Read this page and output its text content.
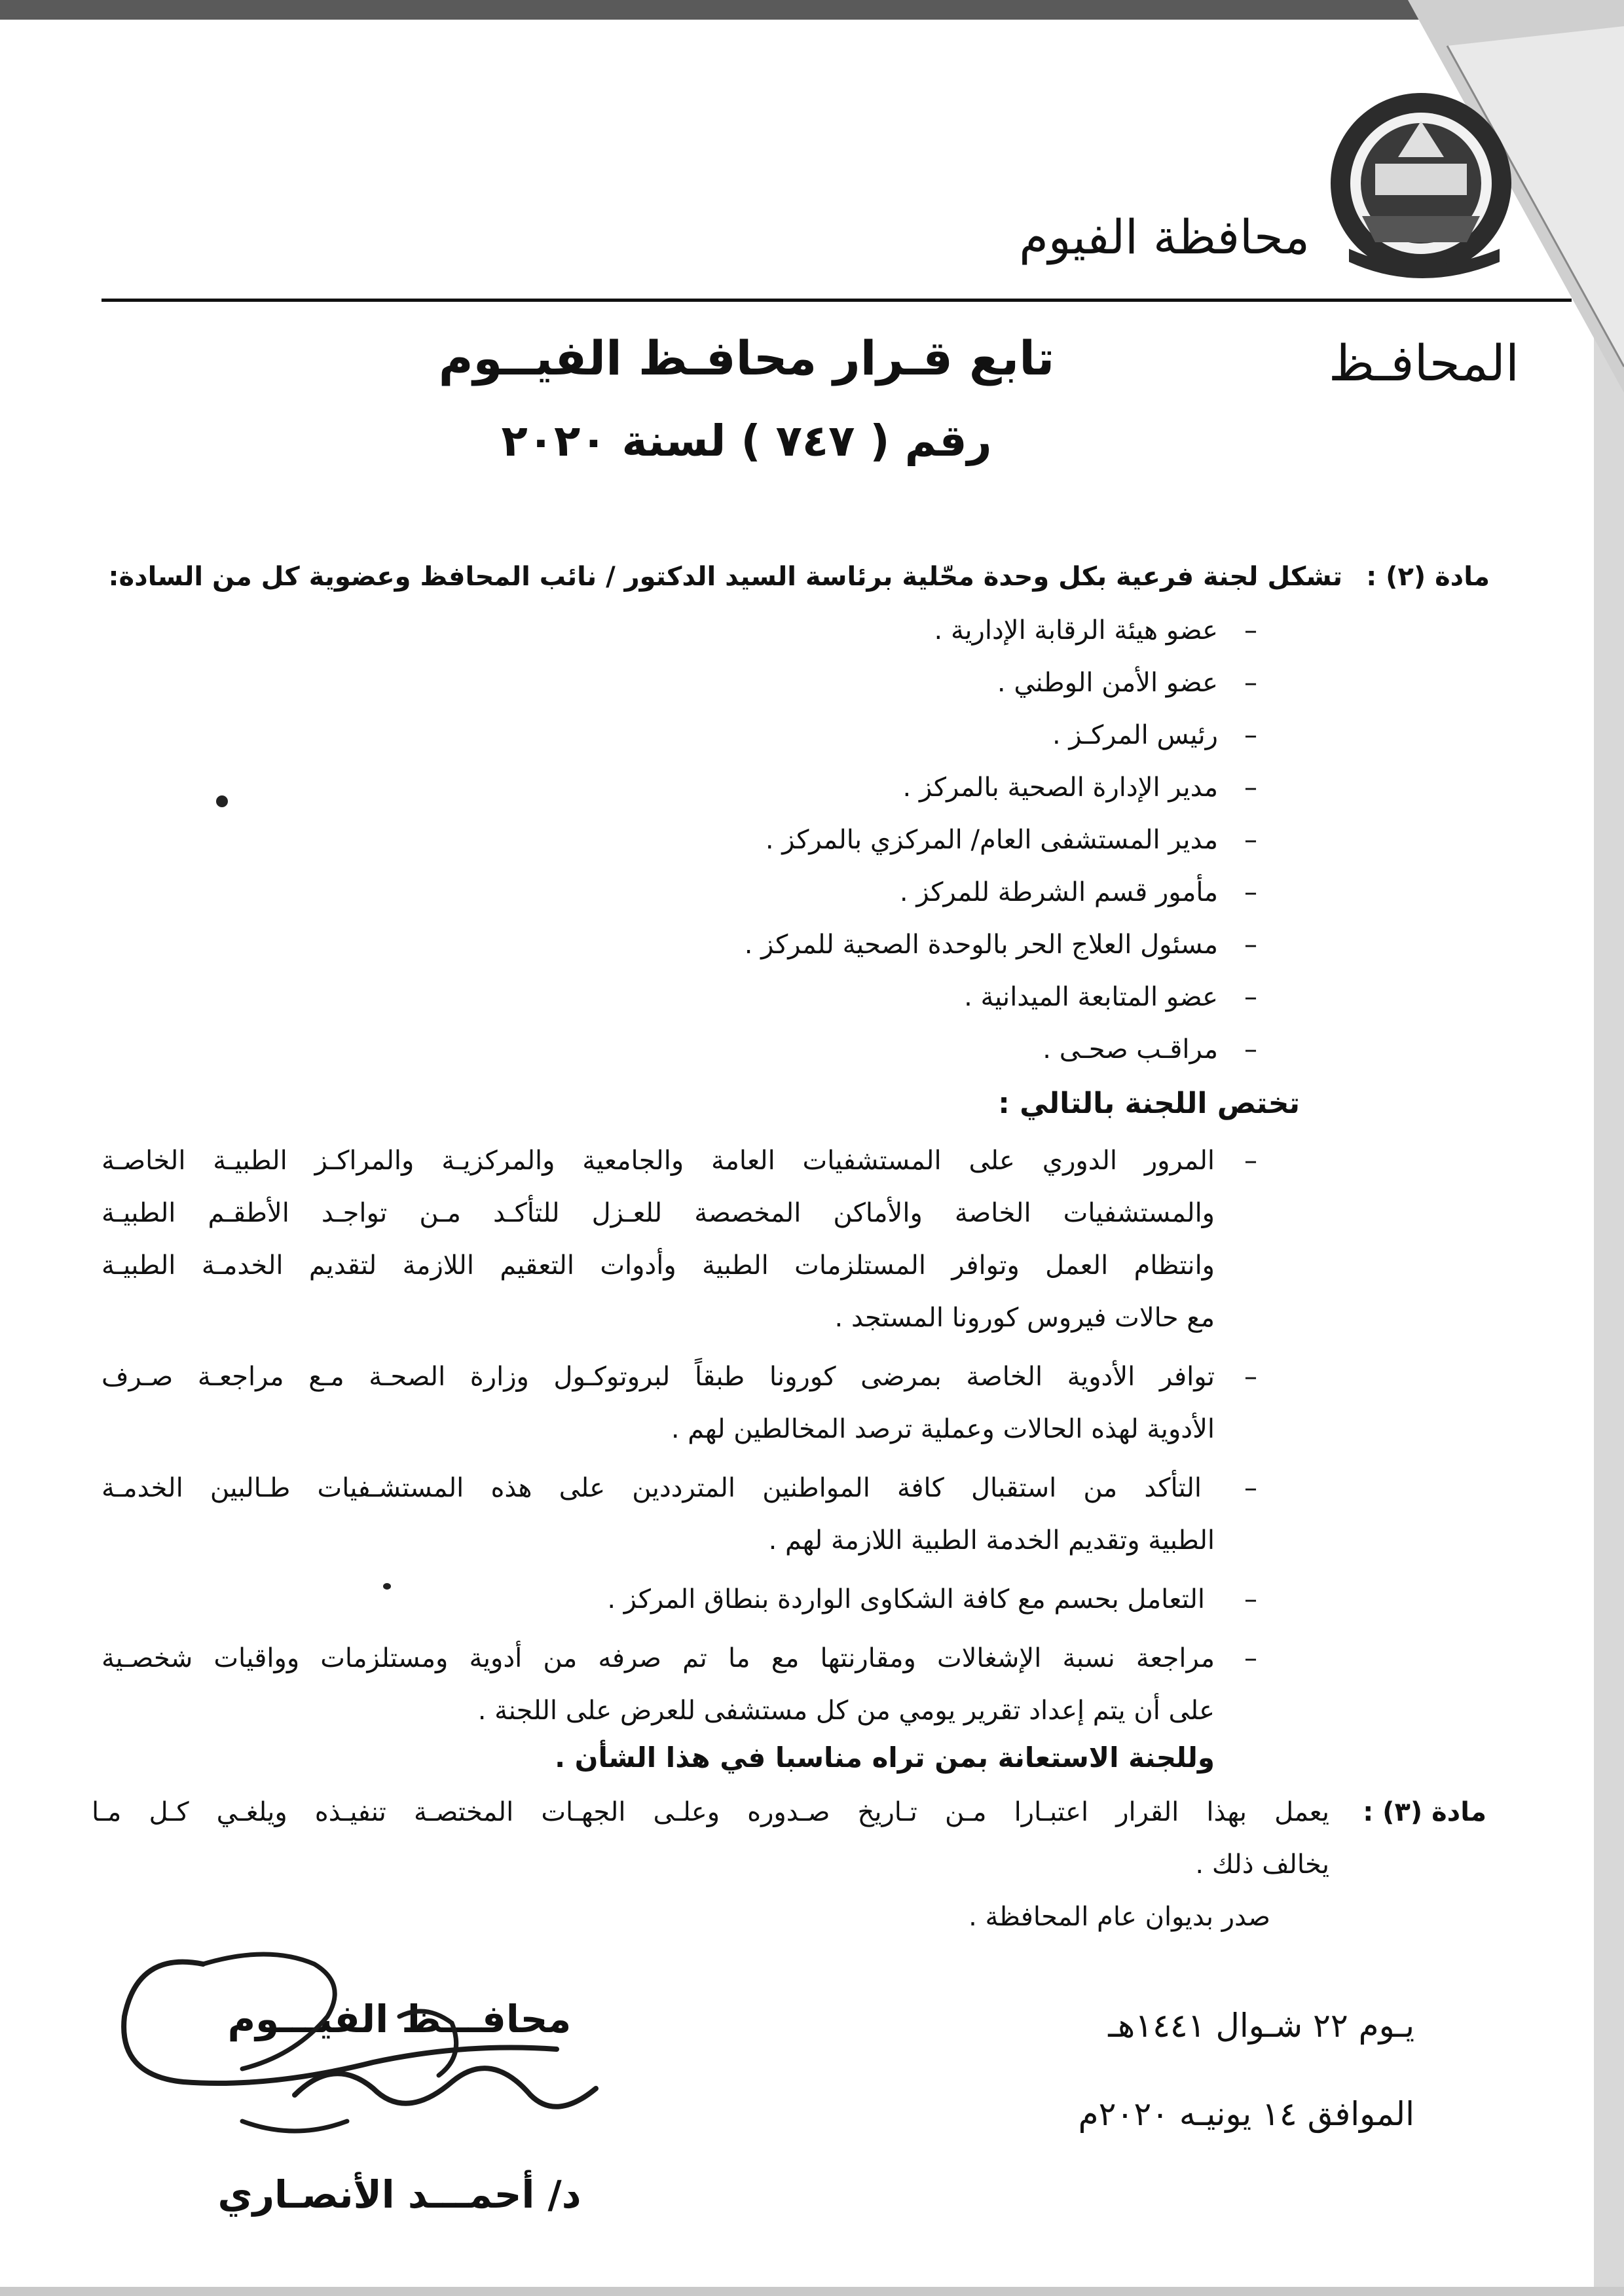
محافظة الفيوم
المحافـظ
تابع قـرار محافـظ الفيــوم
رقم ( ٧٤٧ ) لسنة ٢٠٢٠
مادة (٢) :
تشكل لجنة فرعية بكل وحدة محّلية برئاسة السيد الدكتور / نائب المحافظ وعضوية كل من السادة:
–
عضو هيئة الرقابة الإدارية .
–
عضو الأمن الوطني .
–
رئيس المركـز .
–
مدير الإدارة الصحية بالمركز .
–
مدير المستشفى العام/ المركزي بالمركز .
–
مأمور قسم الشرطة للمركز .
–
مسئول العلاج الحر بالوحدة الصحية للمركز .
–
عضو المتابعة الميدانية .
–
مراقـب صحـى .
تختص اللجنة بالتالي :
–
المرور الدوري على المستشفيات العامة والجامعية والمركزيـة والمراكـز الطبيـة الخاصـة
والمستشفيات الخاصة والأماكن المخصصة للعـزل للتأكـد مـن تواجـد الأطقـم الطبيـة
وانتظام العمل وتوافر المستلزمات الطبية وأدوات التعقيم اللازمة لتقديم الخدمـة الطبيـة
مع حالات فيروس كورونا المستجد .
–
توافر الأدوية الخاصة بمرضى كورونا طبقاً لبروتوكـول وزارة الصحـة مـع مراجعـة صـرف
الأدوية لهذه الحالات وعملية ترصد المخالطين لهم .
–
التأكد من استقبال كافة المواطنين المترددين على هذه المستشـفيات طـالبين الخدمـة
الطبية وتقديم الخدمة الطبية اللازمة لهم .
–
التعامل بحسم مع كافة الشكاوى الواردة بنطاق المركز .
–
مراجعة نسبة الإشغالات ومقارنتها مع ما تم صرفه من أدوية ومستلزمات وواقيات شخصـية
على أن يتم إعداد تقرير يومي من كل مستشفى للعرض على اللجنة .
وللجنة الاستعانة بمن تراه مناسبا في هذا الشأن .
مادة (٣) :
يعمل بهذا القرار اعتبـارا مـن تـاريخ صـدوره وعلـى الجهـات المختصـة تنفيـذه ويلغـي كـل مـا
يخالف ذلك .
صدر بديوان عام المحافظة .
يـوم ٢٢ شـوال ١٤٤١هـ
الموافق ١٤ يونيـه ٢٠٢٠م
محافـــظ الفيـــوم
د/ أحمـــد الأنصـاري
